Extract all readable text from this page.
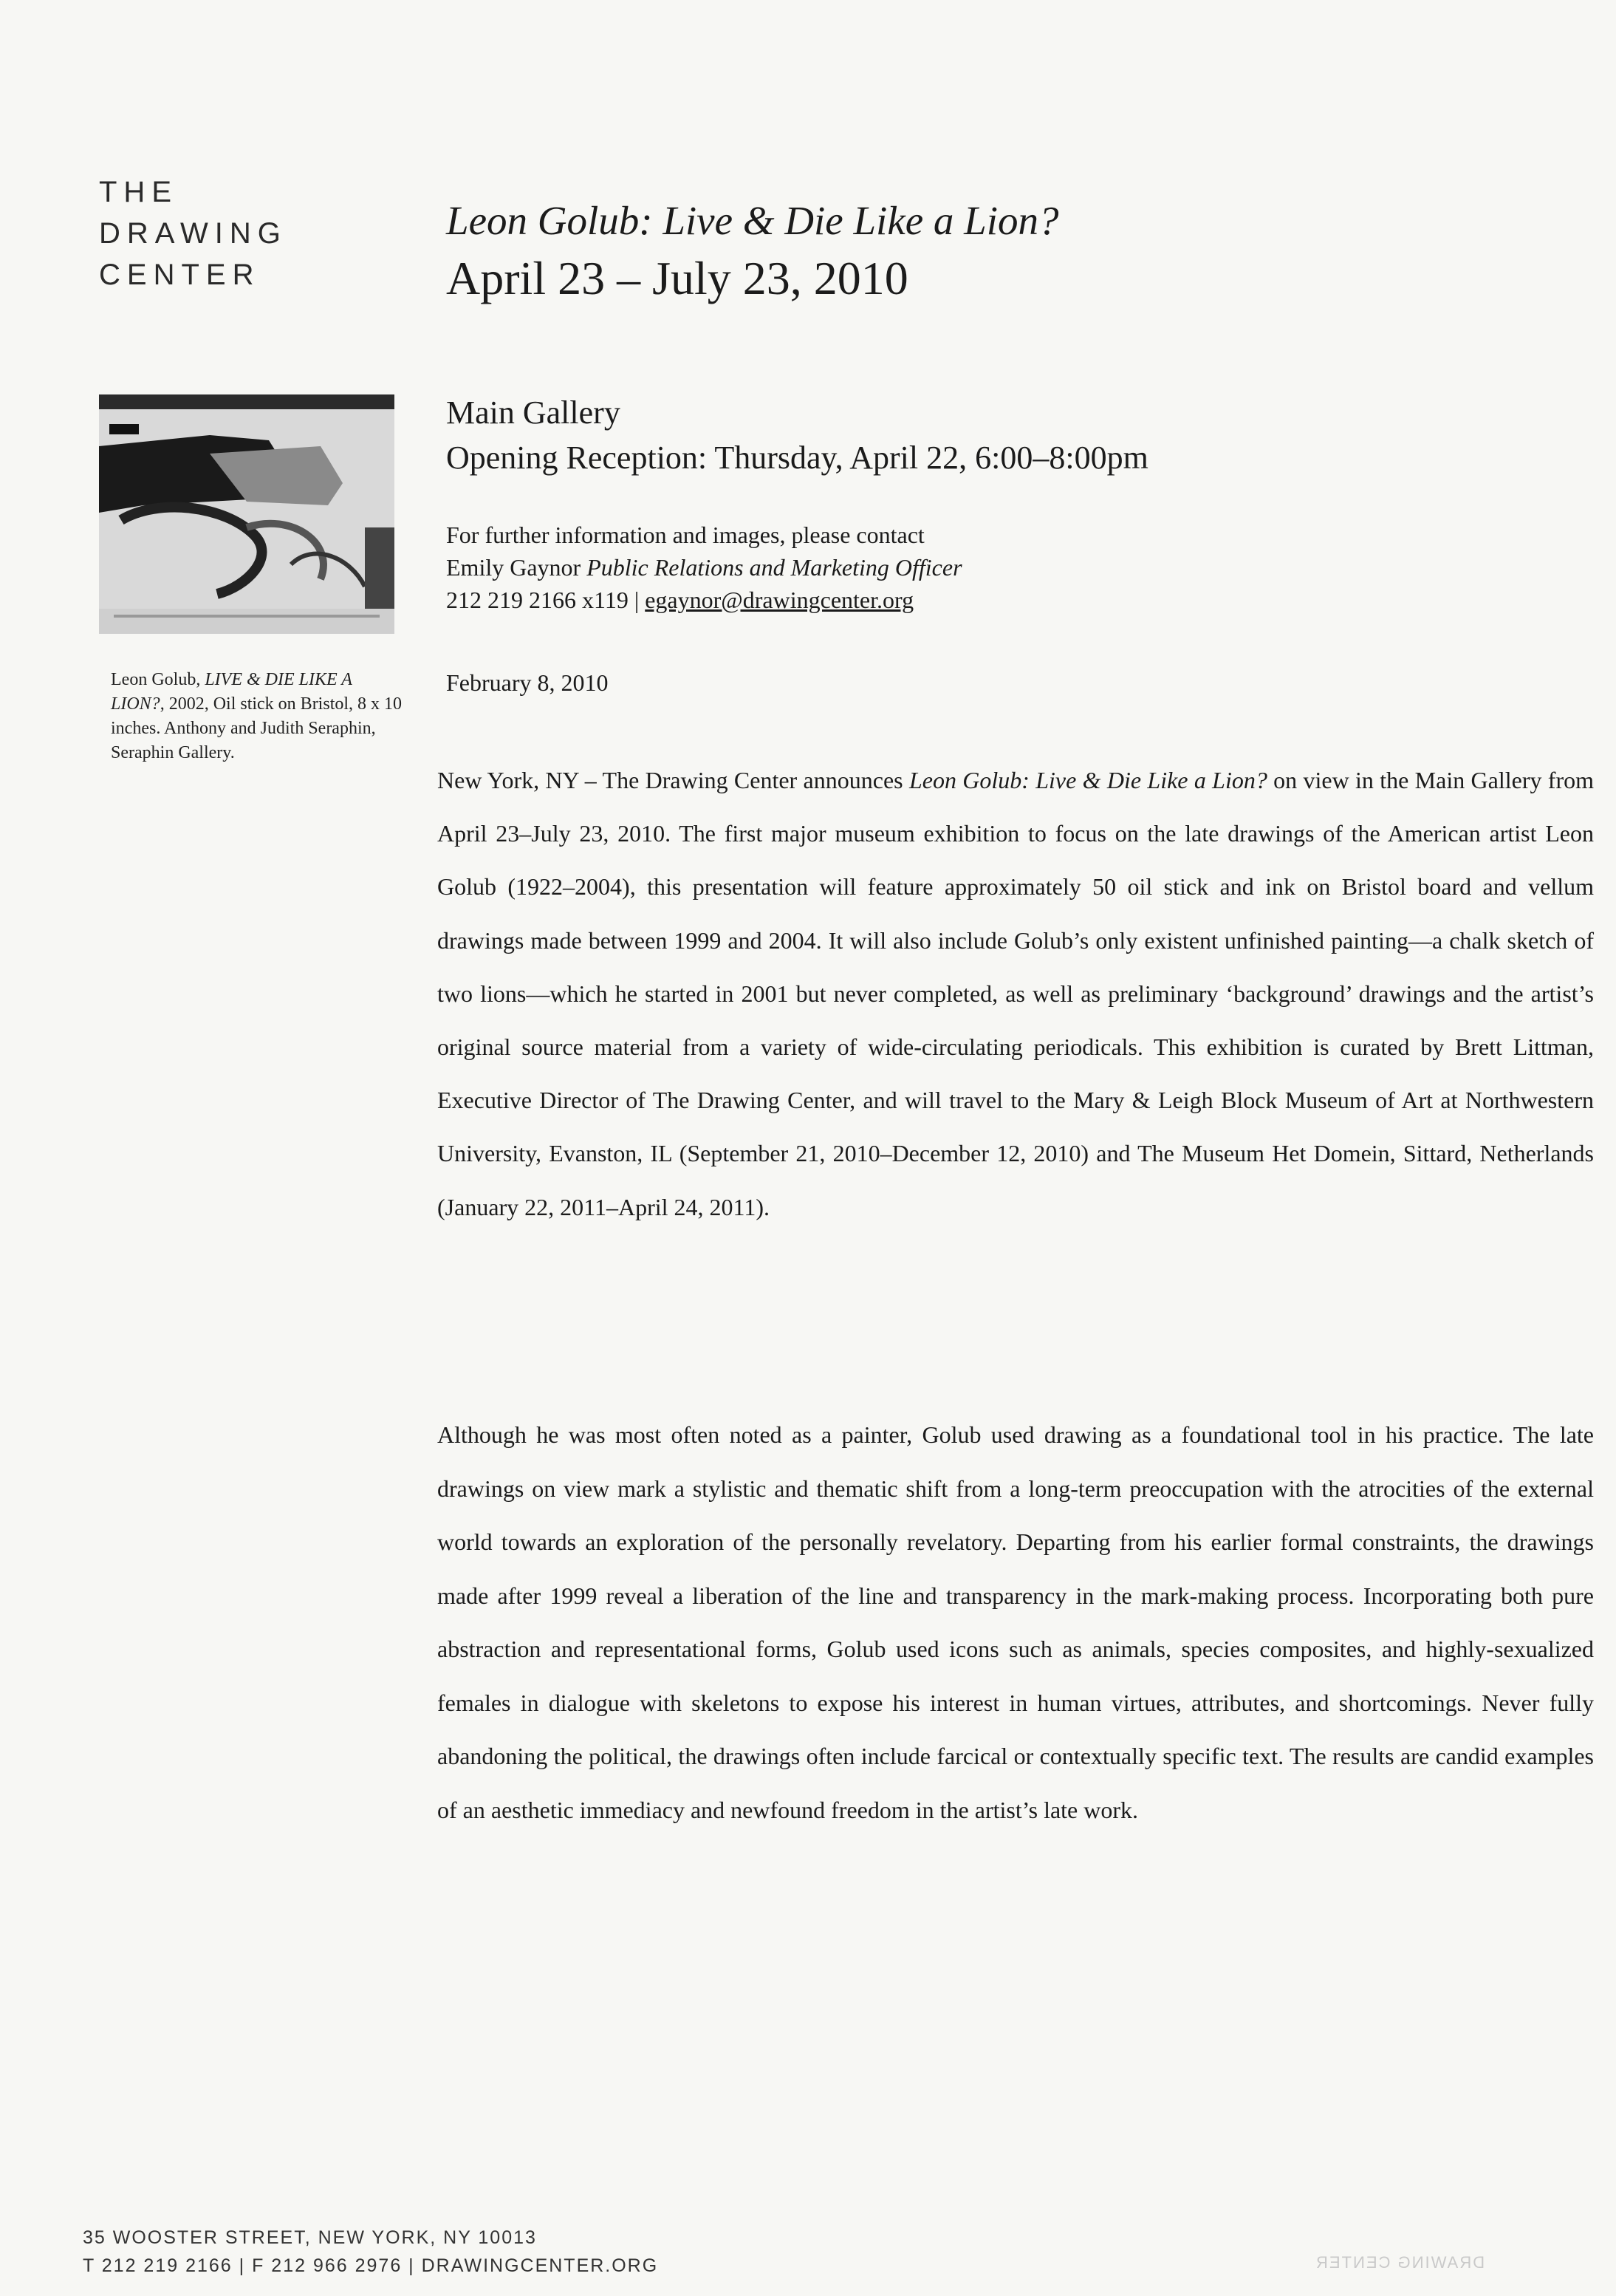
THE
DRAWING
CENTER
Leon Golub, LIVE & DIE LIKE A LION?, 2002, Oil stick on Bristol, 8 x 10 inches. Anthony and Judith Seraphin, Seraphin Gallery.

Leon Golub: Live & Die Like a Lion?

April 23 – July 23, 2010

Main Gallery
Opening Reception: Thursday, April 22, 6:00–8:00pm
For further information and images, please contact
Emily Gaynor Public Relations and Marketing Officer
212 219 2166 x119 | egaynor@drawingcenter.org
February 8, 2010
New York, NY – The Drawing Center announces Leon Golub: Live & Die Like a Lion? on view in the Main Gallery from April 23–July 23, 2010. The first major museum exhibition to focus on the late drawings of the American artist Leon Golub (1922–2004), this presentation will feature approximately 50 oil stick and ink on Bristol board and vellum drawings made between 1999 and 2004. It will also include Golub’s only existent unfinished painting—a chalk sketch of two lions—which he started in 2001 but never completed, as well as preliminary ‘background’ drawings and the artist’s original source material from a variety of wide-circulating periodicals. This exhibition is curated by Brett Littman, Executive Director of The Drawing Center, and will travel to the Mary & Leigh Block Museum of Art at Northwestern University, Evanston, IL (September 21, 2010–December 12, 2010) and The Museum Het Domein, Sittard, Netherlands (January 22, 2011–April 24, 2011).
Although he was most often noted as a painter, Golub used drawing as a foundational tool in his practice. The late drawings on view mark a stylistic and thematic shift from a long-term preoccupation with the atrocities of the external world towards an exploration of the personally revelatory. Departing from his earlier formal constraints, the drawings made after 1999 reveal a liberation of the line and transparency in the mark-making process. Incorporating both pure abstraction and representational forms, Golub used icons such as animals, species composites, and highly-sexualized females in dialogue with skeletons to expose his interest in human virtues, attributes, and shortcomings. Never fully abandoning the political, the drawings often include farcical or contextually specific text. The results are candid examples of an aesthetic immediacy and newfound freedom in the artist’s late work.
35 WOOSTER STREET, NEW YORK, NY 10013
T 212 219 2166 | F 212 966 2976 | DRAWINGCENTER.ORG	DRAWING CENTER
